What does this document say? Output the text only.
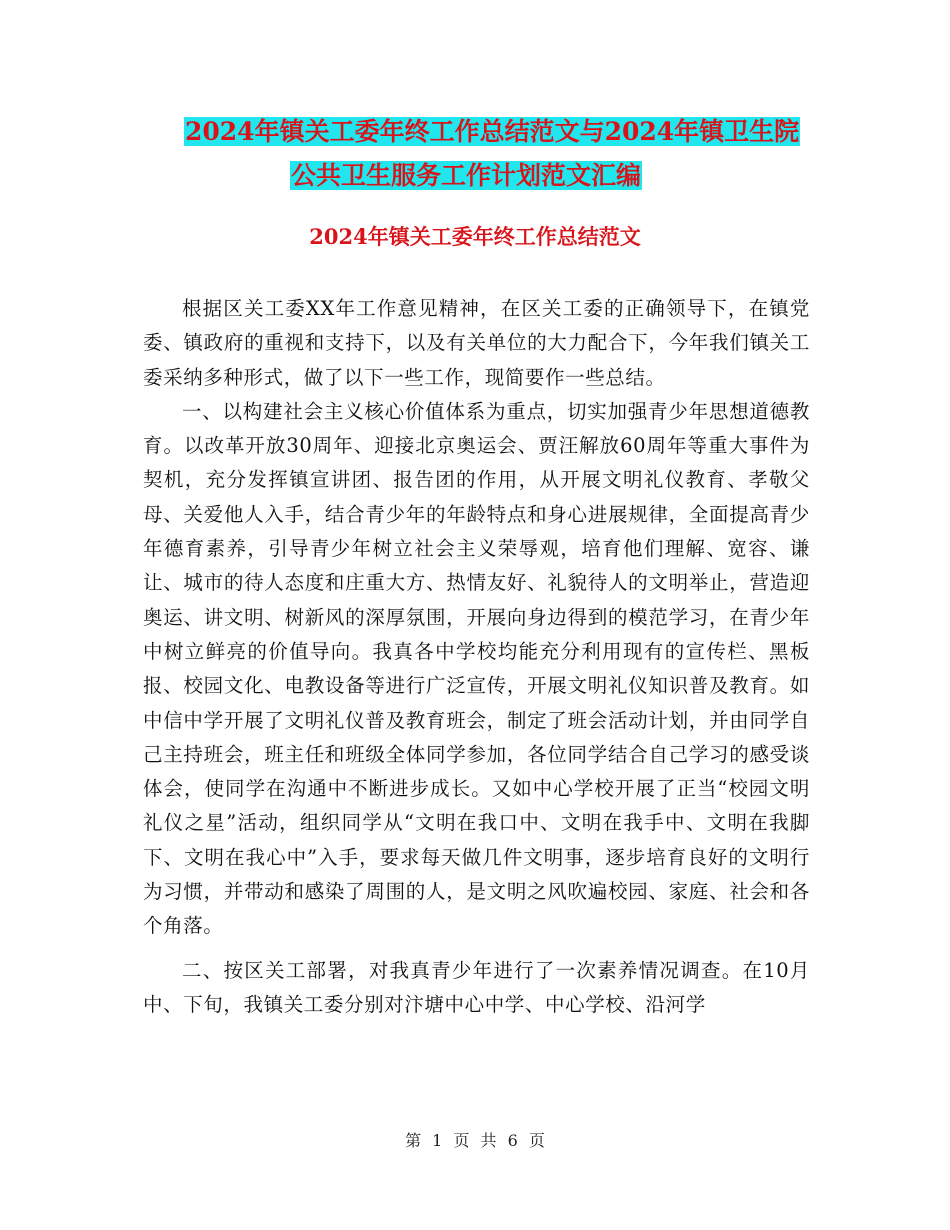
2024年镇关工委年终工作总结范文与2024年镇卫生院
公共卫生服务工作计划范文汇编
2024年镇关工委年终工作总结范文

根据区关工委XX年工作意见精神，在区关工委的正确领导下，在镇党委、镇政府的重视和支持下，以及有关单位的大力配合下，今年我们镇关工委采纳多种形式，做了以下一些工作，现简要作一些总结。

一、以构建社会主义核心价值体系为重点，切实加强青少年思想道德教育。以改革开放30周年、迎接北京奥运会、贾汪解放60周年等重大事件为契机，充分发挥镇宣讲团、报告团的作用，从开展文明礼仪教育、孝敬父母、关爱他人入手，结合青少年的年龄特点和身心进展规律，全面提高青少年德育素养，引导青少年树立社会主义荣辱观，培育他们理解、宽容、谦让、城市的待人态度和庄重大方、热情友好、礼貌待人的文明举止，营造迎奥运、讲文明、树新风的深厚氛围，开展向身边得到的模范学习，在青少年中树立鲜亮的价值导向。我真各中学校均能充分利用现有的宣传栏、黑板报、校园文化、电教设备等进行广泛宣传，开展文明礼仪知识普及教育。如中信中学开展了文明礼仪普及教育班会，制定了班会活动计划，并由同学自己主持班会，班主任和班级全体同学参加，各位同学结合自己学习的感受谈体会，使同学在沟通中不断进步成长。又如中心学校开展了正当“校园文明礼仪之星”活动，组织同学从“文明在我口中、文明在我手中、文明在我脚下、文明在我心中”入手，要求每天做几件文明事，逐步培育良好的文明行为习惯，并带动和感染了周围的人，是文明之风吹遍校园、家庭、社会和各个角落。

二、按区关工部署，对我真青少年进行了一次素养情况调查。在10月中、下旬，我镇关工委分别对汴塘中心中学、中心学校、沿河学

第 1 页 共 6 页
